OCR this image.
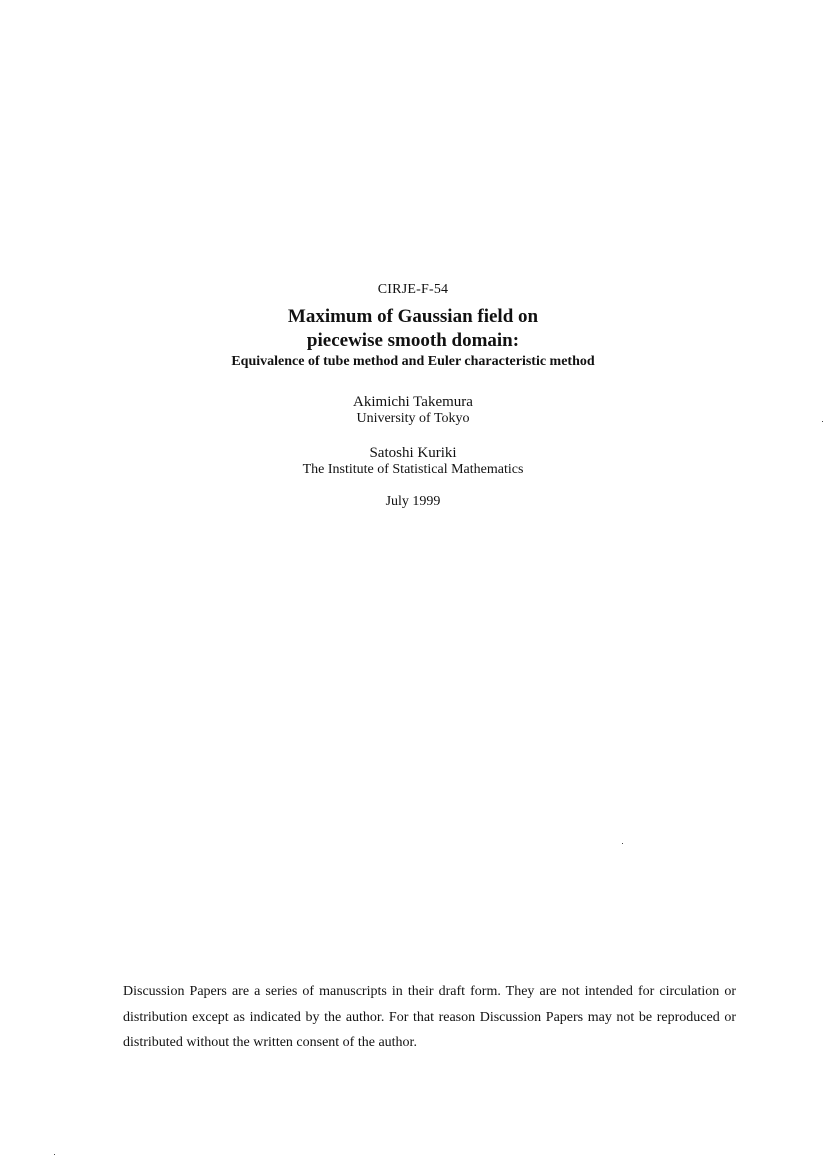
CIRJE-F-54
Maximum of Gaussian field on
piecewise smooth domain:
Equivalence of tube method and Euler characteristic method
Akimichi Takemura
University of Tokyo
Satoshi Kuriki
The Institute of Statistical Mathematics
July 1999

Discussion Papers are a series of manuscripts in their draft form. They are not intended for circulation or distribution except as indicated by the author. For that reason Discussion Papers may not be reproduced or distributed without the written consent of the author.
